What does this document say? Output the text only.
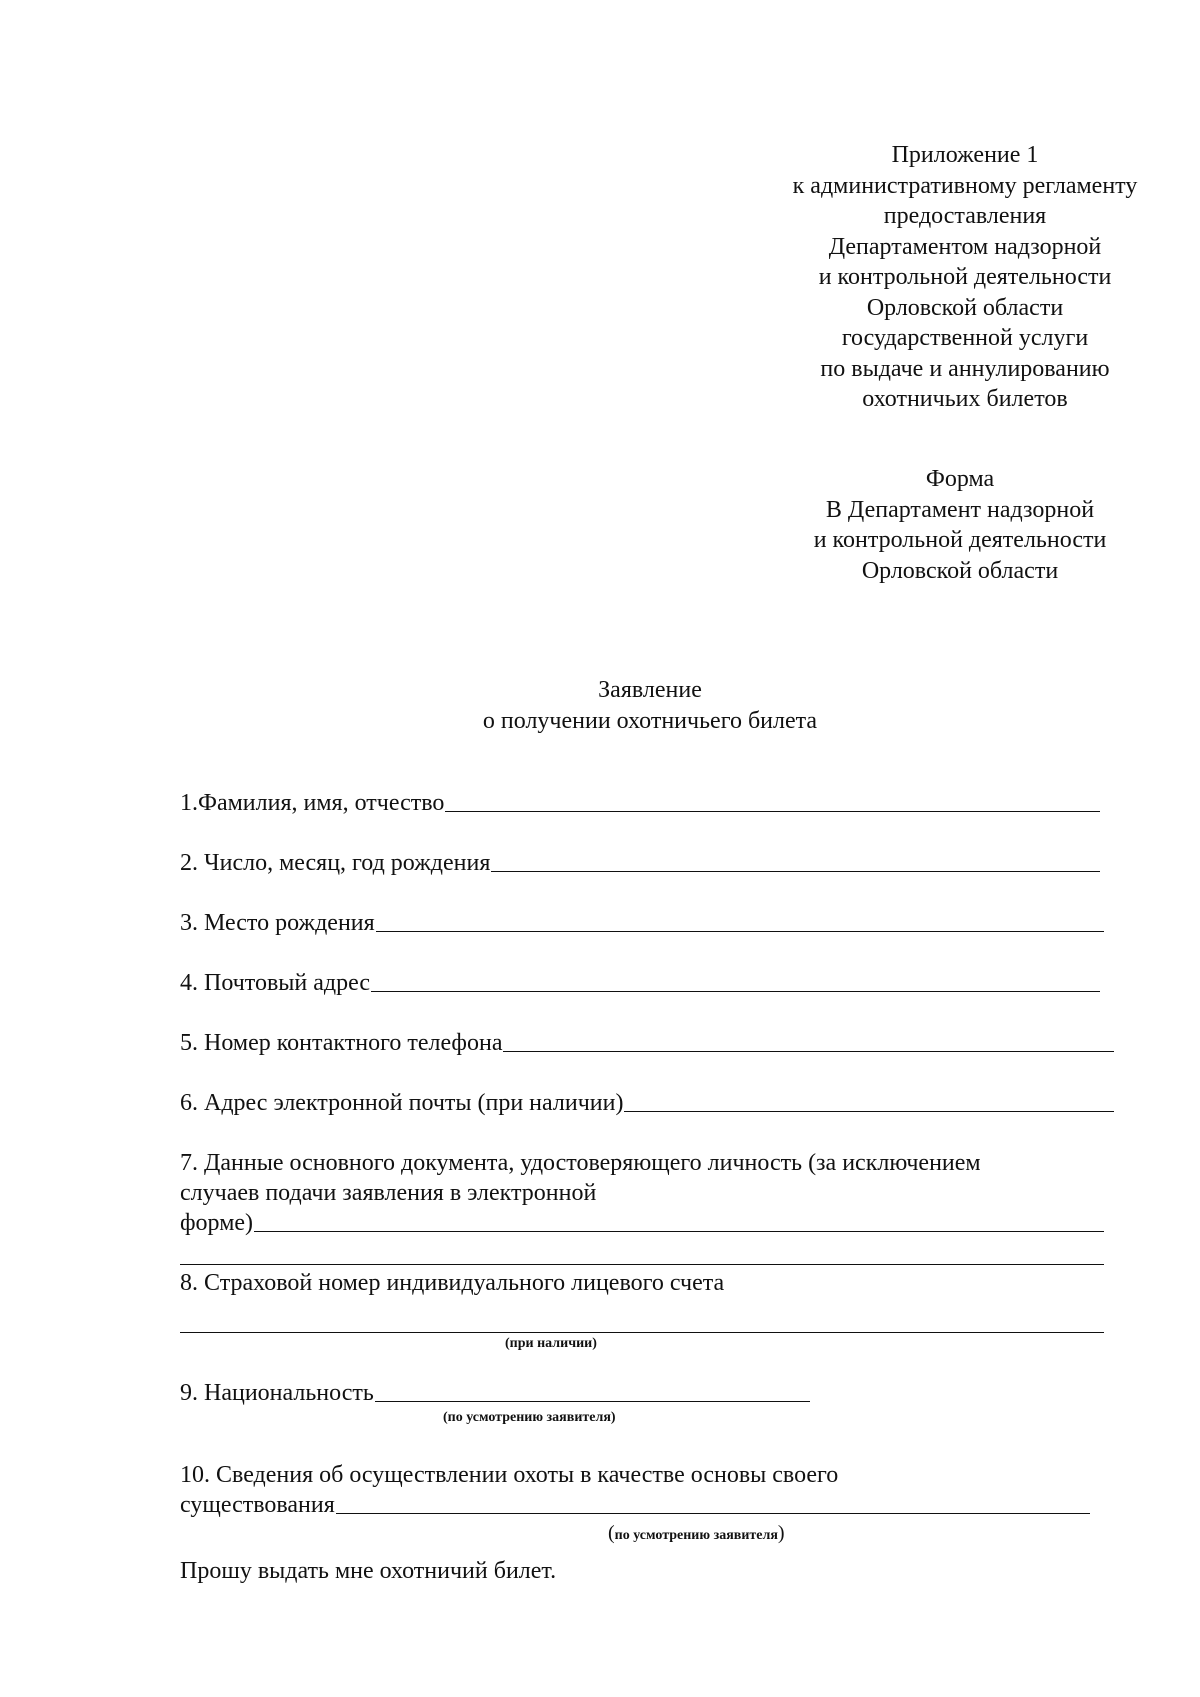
Приложение 1
к административному регламенту
предоставления
Департаментом надзорной
и контрольной деятельности
Орловской области
государственной услуги
по выдаче и аннулированию
охотничьих билетов
Форма
В Департамент надзорной
и контрольной деятельности
Орловской области
Заявление
о получении охотничьего билета
1.Фамилия, имя, отчество
2. Число, месяц, год рождения
3. Место рождения
4. Почтовый адрес
5. Номер контактного телефона
6. Адрес электронной почты (при наличии)
7. Данные основного документа, удостоверяющего личность (за исключением
случаев подачи заявления в электронной
форме)
8. Страховой номер индивидуального лицевого счета
(при наличии)
9. Национальность
(по усмотрению заявителя)
10. Сведения об осуществлении охоты в качестве основы своего
существования
(по усмотрению заявителя)
Прошу выдать мне охотничий билет.
